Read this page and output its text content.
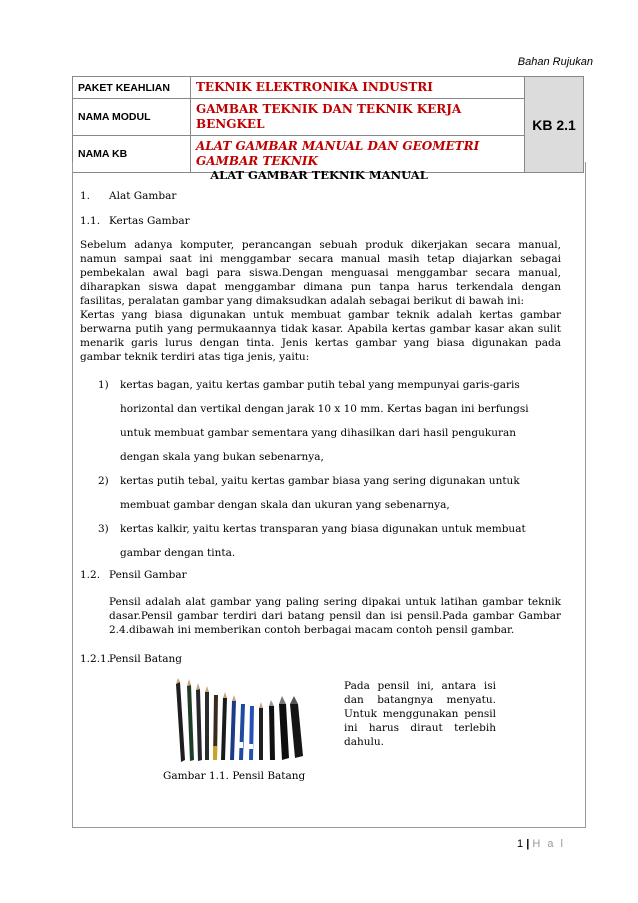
Bahan Rujukan
PAKET KEAHLIAN	TEKNIK ELEKTRONIKA INDUSTRI	KB 2.1
NAMA MODUL	GAMBAR TEKNIK DAN TEKNIK KERJA BENGKEL	
NAMA KB	ALAT GAMBAR MANUAL DAN GEOMETRI GAMBAR TEKNIK	
ALAT GAMBAR TEKNIK MANUAL
1. Alat Gambar
1.1. Kertas Gambar
Sebelum adanya komputer, perancangan sebuah produk dikerjakan secara manual, namun sampai saat ini menggambar secara manual masih tetap diajarkan sebagai pembekalan awal bagi para siswa.Dengan menguasai menggambar secara manual, diharapkan siswa dapat menggambar dimana pun tanpa harus terkendala dengan fasilitas, peralatan gambar yang dimaksudkan adalah sebagai berikut di bawah ini:
Kertas yang biasa digunakan untuk membuat gambar teknik adalah kertas gambar berwarna putih yang permukaannya tidak kasar. Apabila kertas gambar kasar akan sulit menarik garis lurus dengan tinta. Jenis kertas gambar yang biasa digunakan pada gambar teknik terdiri atas tiga jenis, yaitu:
1) kertas bagan, yaitu kertas gambar putih tebal yang mempunyai garis-garis horizontal dan vertikal dengan jarak 10 x 10 mm. Kertas bagan ini berfungsi untuk membuat gambar sementara yang dihasilkan dari hasil pengukuran dengan skala yang bukan sebenarnya,
2) kertas putih tebal, yaitu kertas gambar biasa yang sering digunakan untuk membuat gambar dengan skala dan ukuran yang sebenarnya,
3) kertas kalkir, yaitu kertas transparan yang biasa digunakan untuk membuat gambar dengan tinta.
1.2. Pensil Gambar
Pensil adalah alat gambar yang paling sering dipakai untuk latihan gambar teknik dasar.Pensil gambar terdiri dari batang pensil dan isi pensil.Pada gambar Gambar 2.4.dibawah ini memberikan contoh berbagai macam contoh pensil gambar.
1.2.1.
Pensil Batang
Gambar 1.1. Pensil Batang
Pada pensil ini, antara isi dan batangnya menyatu. Untuk menggunakan pensil ini harus diraut terlebih dahulu.
1 | H a l
